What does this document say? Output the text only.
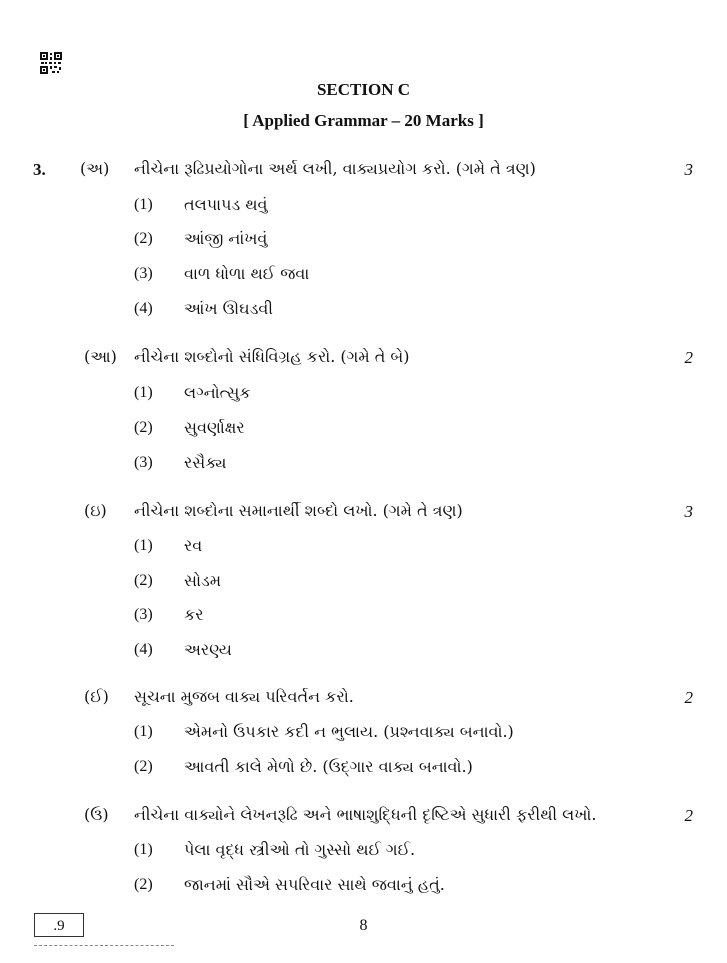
SECTION C
[ Applied Grammar – 20 Marks ]
3. (અ) નીચેના રૂઢિપ્રયોગોના અર્થ લખી, વાક્યપ્રયોગ કરો. (ગમે તે ત્રણ)	3
(1) તલપાપડ થવું
(2) આંજી નાંખવું
(3) વાળ ધોળા થઈ જવા
(4) આંખ ઊઘડવી
(આ) નીચેના શબ્દોનો સંધિવિગ્રહ કરો. (ગમે તે બે)	2
(1) લગ્નોત્સુક
(2) સુવર્ણાક્ષર
(3) રસૈક્ય
(ઇ) નીચેના શબ્દોના સમાનાર્થી શબ્દો લખો. (ગમે તે ત્રણ)	3
(1) રવ
(2) સોડમ
(3) કર
(4) અરણ્ય
(ઈ) સૂચના મુજબ વાક્ય પરિવર્તન કરો.	2
(1) એમનો ઉપકાર કદી ન ભુલાય. (પ્રશ્નવાક્ય બનાવો.)
(2) આવતી કાલે મેળો છે. (ઉદ્‌ગાર વાક્ય બનાવો.)
(ઉ) નીચેના વાક્યોને લેખનરૂઢિ અને ભાષાશુદ્ધિની દૃષ્ટિએ સુધારી ફરીથી લખો.	2
(1) પેલા વૃદ્ધ સ્ત્રીઓ તો ગુસ્સો થઈ ગઈ.
(2) જાનમાં સૌએ સપરિવાર સાથે જવાનું હતું.
.9	8
